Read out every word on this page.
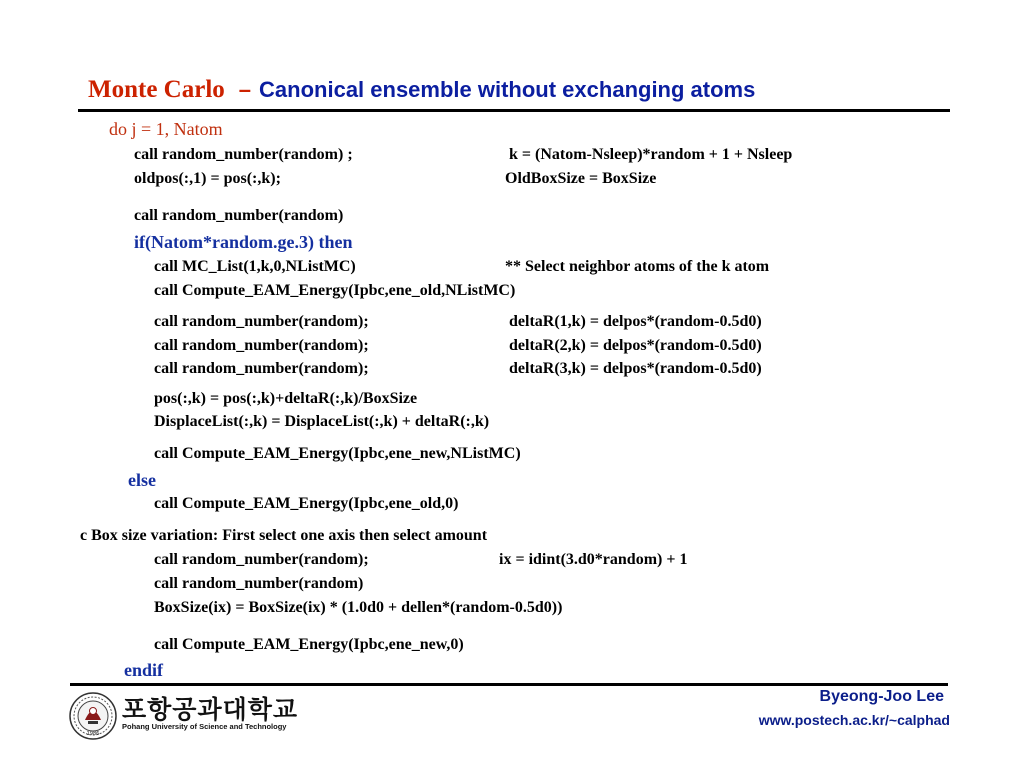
Monte Carlo – Canonical ensemble without exchanging atoms
do j = 1, Natom
call random_number(random) ;	k = (Natom-Nsleep)*random + 1 + Nsleep
oldpos(:,1) = pos(:,k);	OldBoxSize = BoxSize
call random_number(random)
if(Natom*random.ge.3) then
call MC_List(1,k,0,NListMC)	** Select neighbor atoms of the k atom
call Compute_EAM_Energy(Ipbc,ene_old,NListMC)
call random_number(random);	deltaR(1,k) = delpos*(random-0.5d0)
call random_number(random);	deltaR(2,k) = delpos*(random-0.5d0)
call random_number(random);	deltaR(3,k) = delpos*(random-0.5d0)
pos(:,k) = pos(:,k)+deltaR(:,k)/BoxSize
DisplaceList(:,k) = DisplaceList(:,k) + deltaR(:,k)
call Compute_EAM_Energy(Ipbc,ene_new,NListMC)
else
call Compute_EAM_Energy(Ipbc,ene_old,0)
c Box size variation: First select one axis then select amount
call random_number(random);	ix = idint(3.d0*random) + 1
call random_number(random)
BoxSize(ix) = BoxSize(ix) * (1.0d0 + dellen*(random-0.5d0))
call Compute_EAM_Energy(Ipbc,ene_new,0)
endif
1986
포항공과대학교
Pohang University of Science and Technology
Byeong-Joo Lee
www.postech.ac.kr/~calphad
